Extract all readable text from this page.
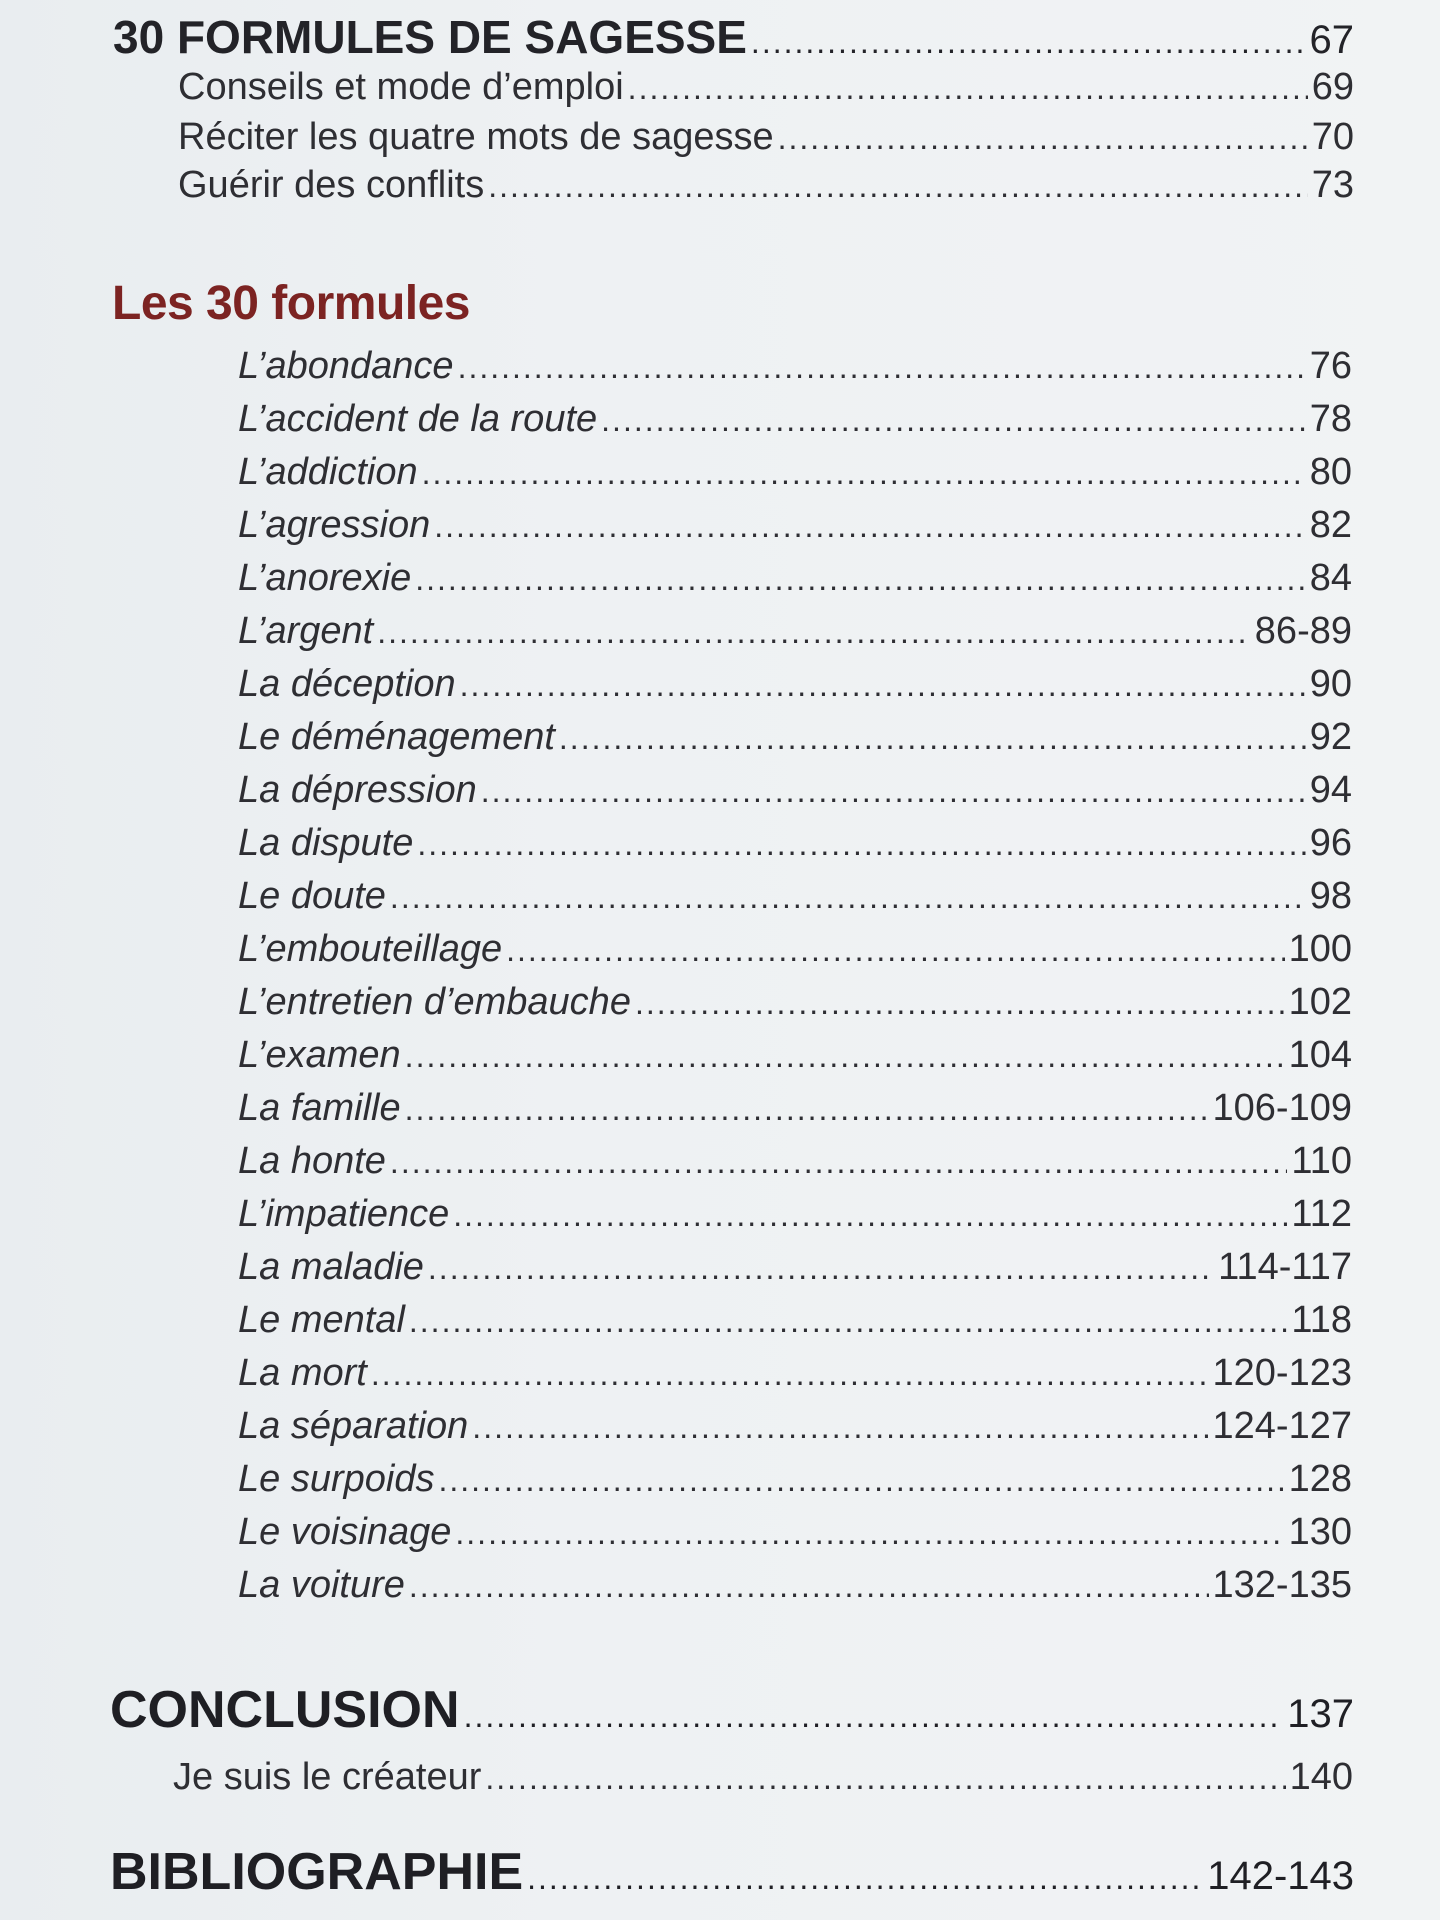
30 FORMULES DE SAGESSE .....	67
Conseils et mode d’emploi .....	69
Réciter les quatre mots de sagesse .....	70
Guérir des conflits .....	73
Les 30 formules
L’abondance .....	76
L’accident de la route .....	78
L’addiction .....	80
L’agression .....	82
L’anorexie .....	84
L’argent .....	86-89
La déception .....	90
Le déménagement .....	92
La dépression .....	94
La dispute .....	96
Le doute .....	98
L’embouteillage .....	100
L’entretien d’embauche .....	102
L’examen .....	104
La famille .....	106-109
La honte .....	110
L’impatience .....	112
La maladie .....	114-117
Le mental .....	118
La mort .....	120-123
La séparation .....	124-127
Le surpoids .....	128
Le voisinage .....	130
La voiture .....	132-135
CONCLUSION .....	137
Je suis le créateur .....	140
BIBLIOGRAPHIE .....	142-143
